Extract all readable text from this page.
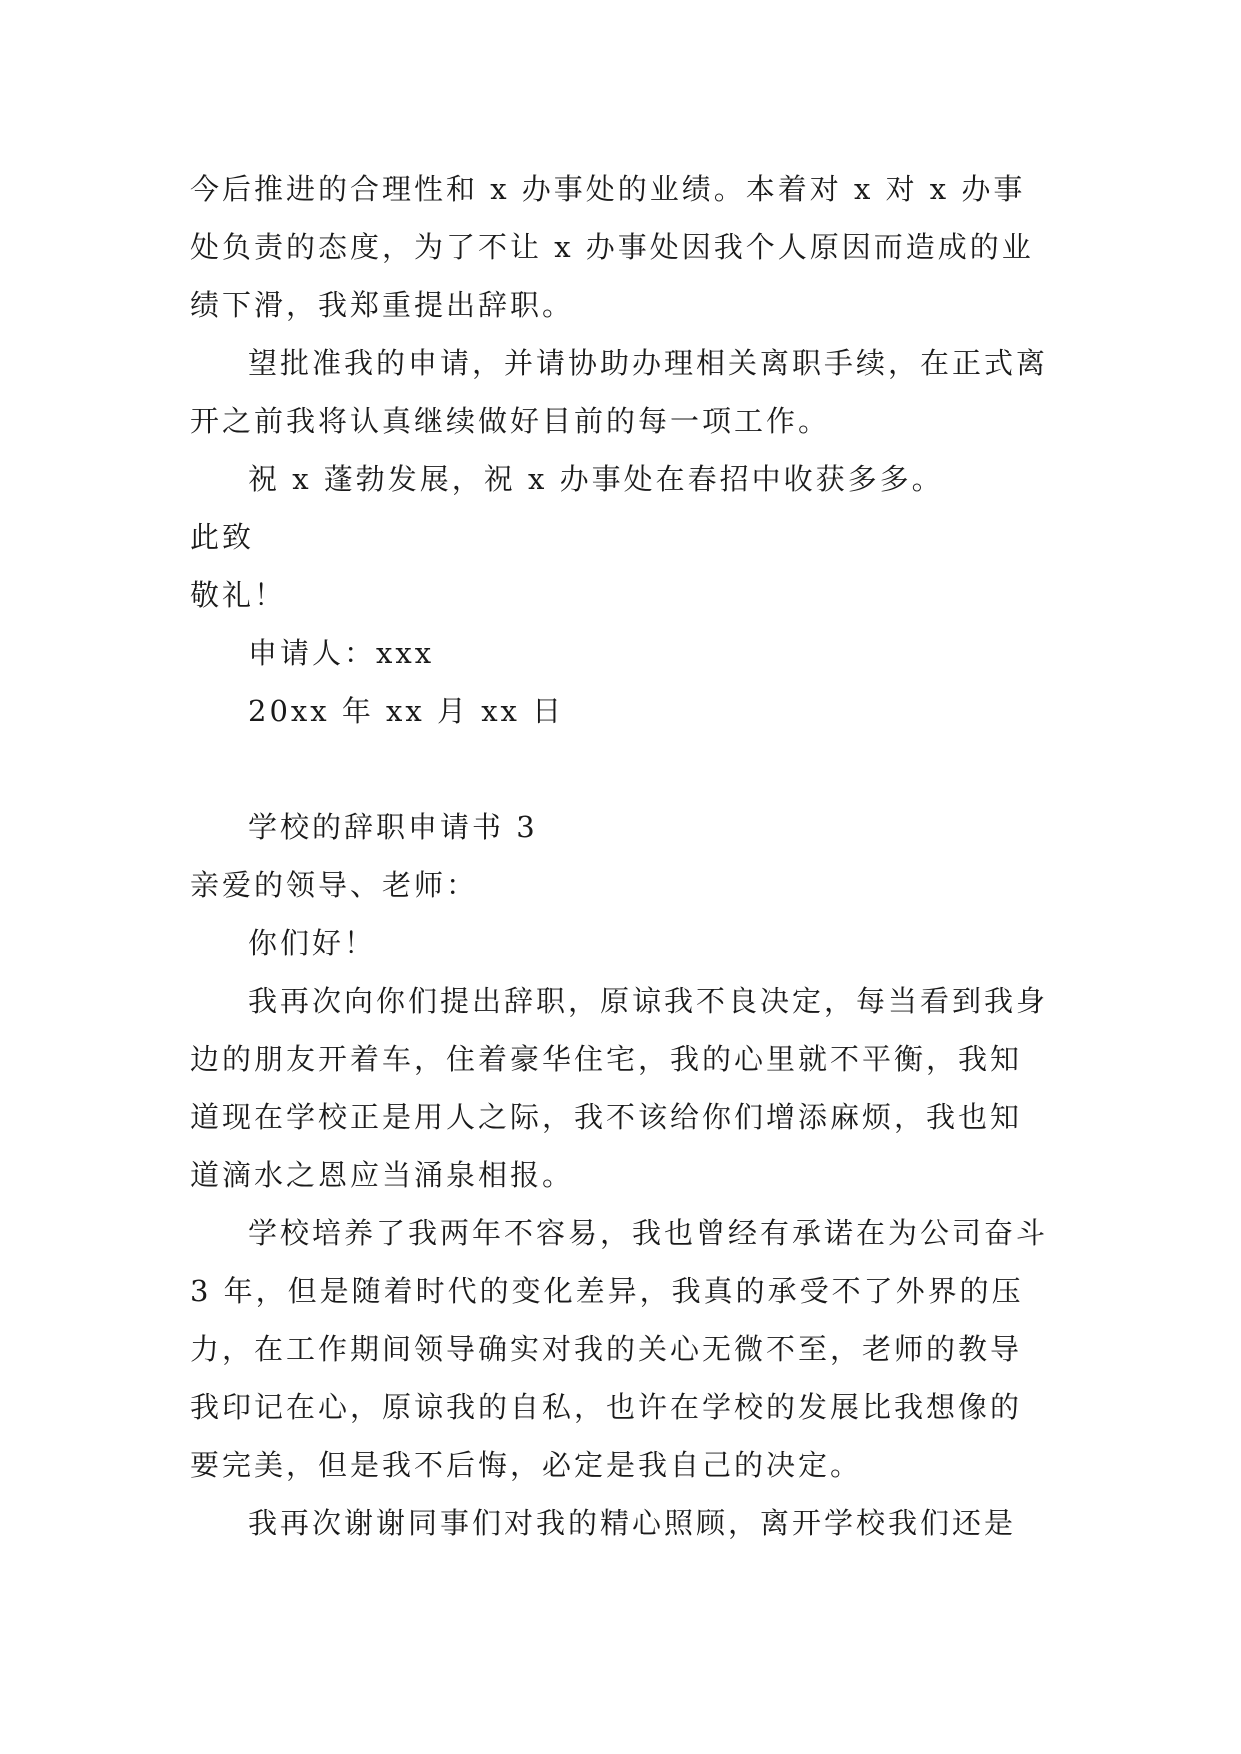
今后推进的合理性和 x 办事处的业绩。本着对 x 对 x 办事处负责的态度，为了不让 x 办事处因我个人原因而造成的业绩下滑，我郑重提出辞职。

望批准我的申请，并请协助办理相关离职手续，在正式离开之前我将认真继续做好目前的每一项工作。

祝 x 蓬勃发展，祝 x 办事处在春招中收获多多。

此致

敬礼！

申请人：xxx

20xx 年 xx 月 xx 日

学校的辞职申请书 3

亲爱的领导、老师：

你们好！

我再次向你们提出辞职，原谅我不良决定，每当看到我身边的朋友开着车，住着豪华住宅，我的心里就不平衡，我知道现在学校正是用人之际，我不该给你们增添麻烦，我也知道滴水之恩应当涌泉相报。

学校培养了我两年不容易，我也曾经有承诺在为公司奋斗 3 年，但是随着时代的变化差异，我真的承受不了外界的压力，在工作期间领导确实对我的关心无微不至，老师的教导我印记在心，原谅我的自私，也许在学校的发展比我想像的要完美，但是我不后悔，必定是我自己的决定。

我再次谢谢同事们对我的精心照顾，离开学校我们还是
